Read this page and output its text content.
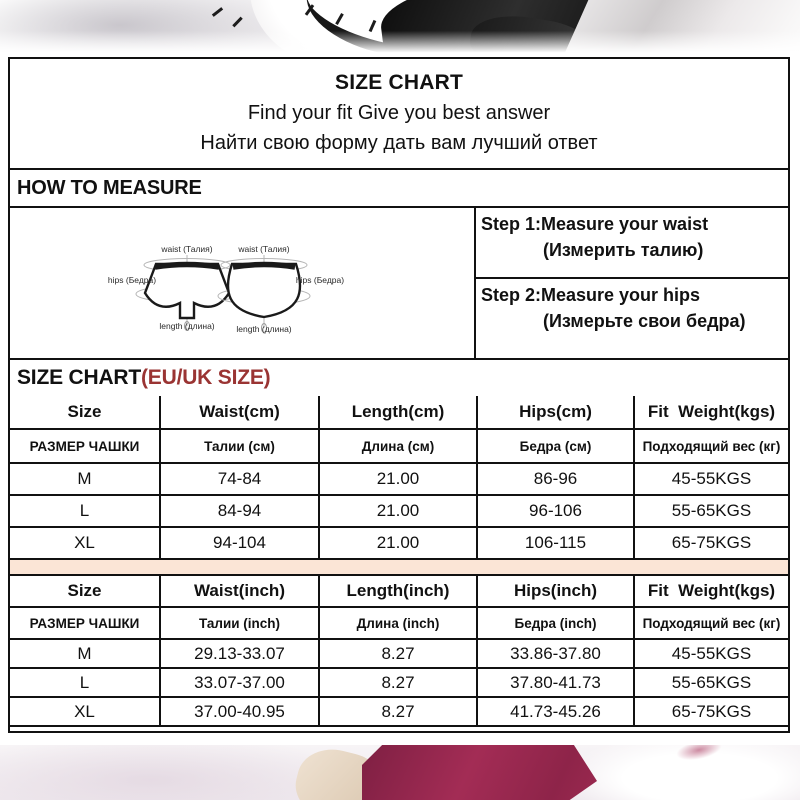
SIZE CHART
Find your fit Give you best answer
Найти свою форму дать вам лучший ответ
HOW TO MEASURE
waist (Талия)	waist (Талия)
hips (Бедра)	hips (Бедра)
length (длина)	length (длина)
Step 1:Measure your waist
(Измерить талию)
Step 2:Measure your hips
(Измерьте свои бедра)
SIZE CHART(EU/UK SIZE)
Size	Waist(cm)	Length(cm)	Hips(cm)	Fit  Weight(kgs)
РАЗМЕР ЧАШКИ	Талии (см)	Длина (см)	Бедра (см)	Подходящий вес (кг)
M	74-84	21.00	86-96	45-55KGS
L	84-94	21.00	96-106	55-65KGS
XL	94-104	21.00	106-115	65-75KGS
Size	Waist(inch)	Length(inch)	Hips(inch)	Fit  Weight(kgs)
РАЗМЕР ЧАШКИ	Талии (inch)	Длина (inch)	Бедра (inch)	Подходящий вес (кг)
M	29.13-33.07	8.27	33.86-37.80	45-55KGS
L	33.07-37.00	8.27	37.80-41.73	55-65KGS
XL	37.00-40.95	8.27	41.73-45.26	65-75KGS
